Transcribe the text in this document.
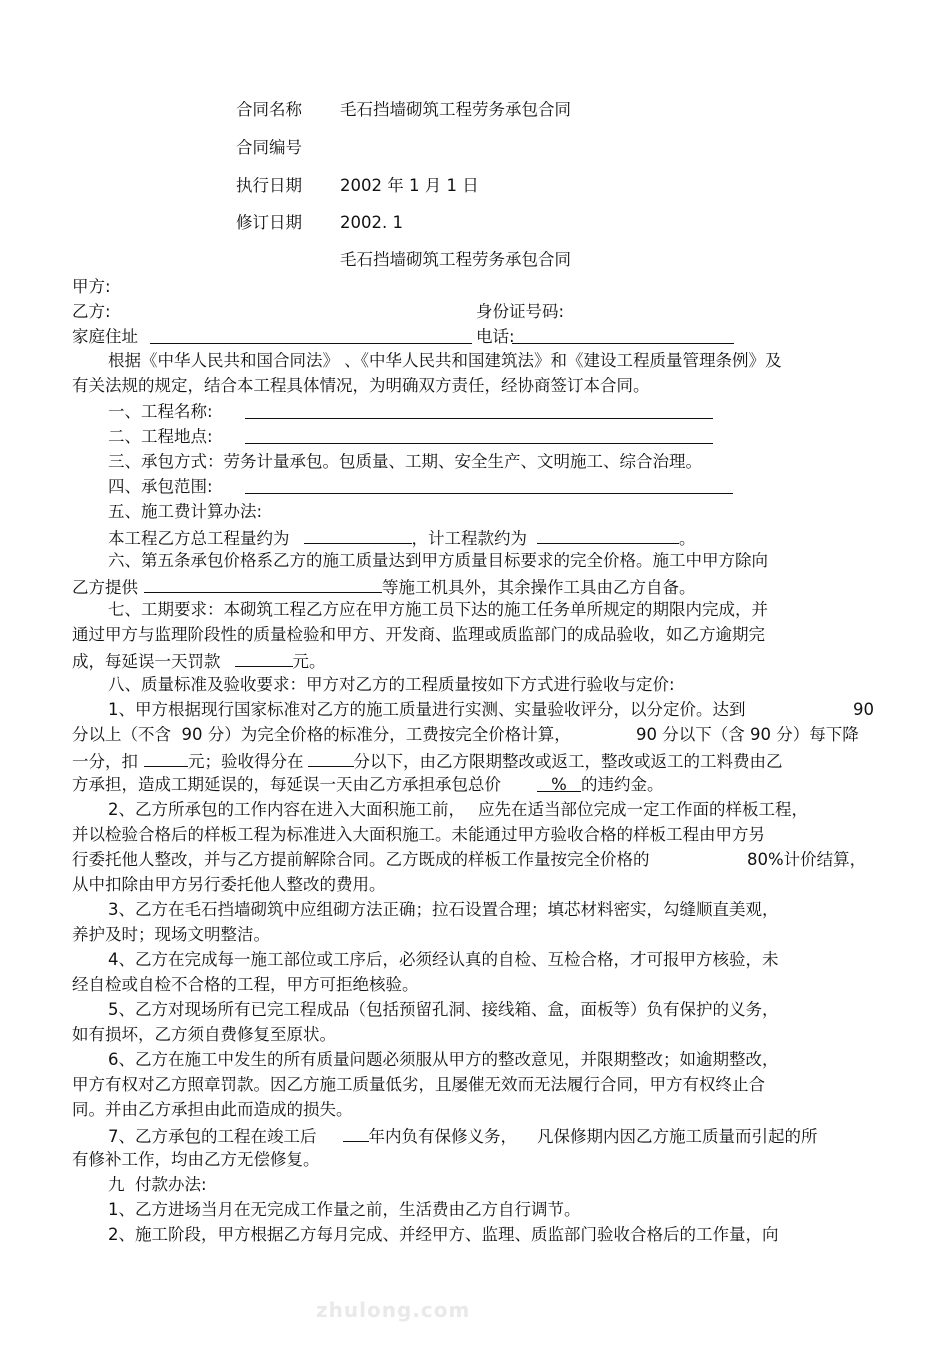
合同名称 毛石挡墙砌筑工程劳务承包合同
合同编号
执行日期 2002 年 1 月 1 日
修订日期 2002. 1
毛石挡墙砌筑工程劳务承包合同
甲方:
乙方:	身份证号码:
家庭住址	电话:
根据《中华人民共和国合同法》 、《中华人民共和国建筑法》和《建设工程质量管理条例》及
有关法规的规定，结合本工程具体情况，为明确双方责任，经协商签订本合同。
一、工程名称:
二、工程地点:
三、承包方式：劳务计量承包。包质量、工期、安全生产、文明施工、综合治理。
四、承包范围:
五、施工费计算办法:
本工程乙方总工程量约为	，计工程款约为	。
六、第五条承包价格系乙方的施工质量达到甲方质量目标要求的完全价格。施工中甲方除向
乙方提供	等施工机具外，其余操作工具由乙方自备。
七、工期要求：本砌筑工程乙方应在甲方施工员下达的施工任务单所规定的期限内完成，并
通过甲方与监理阶段性的质量检验和甲方、开发商、监理或质监部门的成品验收，如乙方逾期完
成，每延误一天罚款	元。
八、质量标准及验收要求：甲方对乙方的工程质量按如下方式进行验收与定价:
1、甲方根据现行国家标准对乙方的施工质量进行实测、实量验收评分，以分定价。达到	90
分以上（不含  90 分）为完全价格的标准分，工费按完全价格计算，	90 分以下（含 90 分）每下降
一分，扣	元；验收得分在	分以下，由乙方限期整改或返工，整改或返工的工料费由乙
方承担，造成工期延误的，每延误一天由乙方承担承包总价	% 的违约金。
2、乙方所承包的工作内容在进入大面积施工前， 应先在适当部位完成一定工作面的样板工程，
并以检验合格后的样板工程为标准进入大面积施工。未能通过甲方验收合格的样板工程由甲方另
行委托他人整改，并与乙方提前解除合同。乙方既成的样板工作量按完全价格的	80%计价结算，
从中扣除由甲方另行委托他人整改的费用。
3、乙方在毛石挡墙砌筑中应组砌方法正确；拉石设置合理；填芯材料密实，勾缝顺直美观，
养护及时；现场文明整洁。
4、乙方在完成每一施工部位或工序后，必须经认真的自检、互检合格，才可报甲方核验，未
经自检或自检不合格的工程，甲方可拒绝核验。
5、乙方对现场所有已完工程成品（包括预留孔洞、接线箱、盒，面板等）负有保护的义务，
如有损坏，乙方须自费修复至原状。
6、乙方在施工中发生的所有质量问题必须服从甲方的整改意见，并限期整改；如逾期整改，
甲方有权对乙方照章罚款。因乙方施工质量低劣，且屡催无效而无法履行合同，甲方有权终止合
同。并由乙方承担由此而造成的损失。
7、乙方承包的工程在竣工后	年内负有保修义务， 凡保修期内因乙方施工质量而引起的所
有修补工作，均由乙方无偿修复。
九  付款办法:
1、乙方进场当月在无完成工作量之前，生活费由乙方自行调节。
2、施工阶段，甲方根据乙方每月完成、并经甲方、监理、质监部门验收合格后的工作量，向
zhulong.com
